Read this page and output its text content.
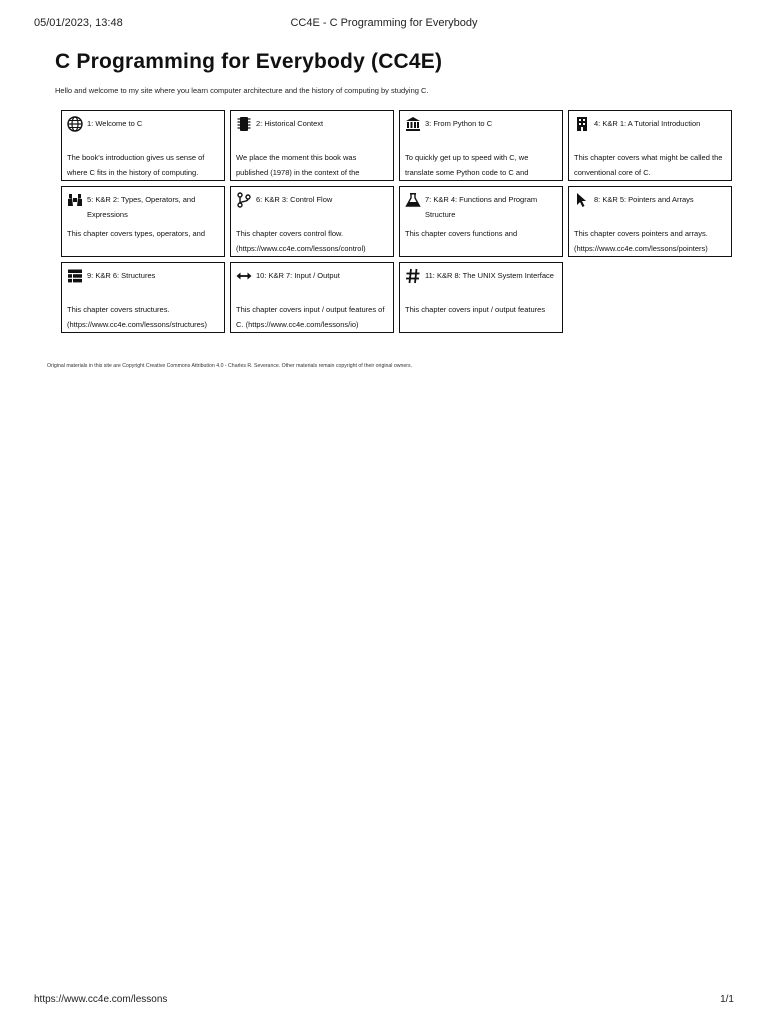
05/01/2023, 13:48	CC4E - C Programming for Everybody
C Programming for Everybody (CC4E)
Hello and welcome to my site where you learn computer architecture and the history of computing by studying C.
1: Welcome to C
The book's introduction gives us sense of where C fits in the history of computing.
2: Historical Context
We place the moment this book was published (1978) in the context of the
3: From Python to C
To quickly get up to speed with C, we translate some Python code to C and
4: K&R 1: A Tutorial Introduction
This chapter covers what might be called the conventional core of C.
5: K&R 2: Types, Operators, and Expressions
This chapter covers types, operators, and
6: K&R 3: Control Flow
This chapter covers control flow. (https://www.cc4e.com/lessons/control)
7: K&R 4: Functions and Program Structure
This chapter covers functions and
8: K&R 5: Pointers and Arrays
This chapter covers pointers and arrays. (https://www.cc4e.com/lessons/pointers)
9: K&R 6: Structures
This chapter covers structures. (https://www.cc4e.com/lessons/structures)
10: K&R 7: Input / Output
This chapter covers input / output features of C. (https://www.cc4e.com/lessons/io)
11: K&R 8: The UNIX System Interface
This chapter covers input / output features
Original materials in this site are Copyright Creative Commons Attribution 4.0 - Charles R. Severance. Other materials remain copyright of their original owners.
https://www.cc4e.com/lessons	1/1
